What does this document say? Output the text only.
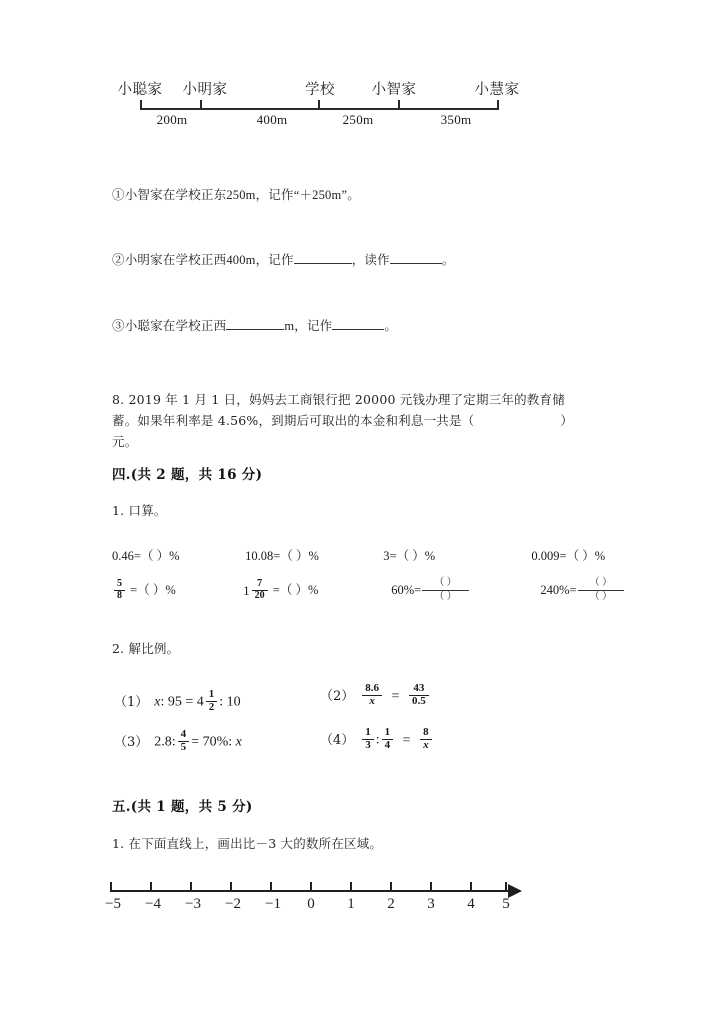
小聪家 小明家	学校	小智家	小慧家
200m	400m	250m	350m
①小智家在学校正东250m，记作“＋250m”。
②小明家在学校正西400m，记作	，读作	。
③小聪家在学校正西	m，记作	。
8. 2019 年 1 月 1 日，妈妈去工商银行把 20000 元钱办理了定期三年的教育储
蓄。如果年利率是 4.56%，到期后可取出的本金和利息一共是（	）
元。
四.(共 2 题，共 16 分)
1. 口算。
0.46=（ ）%	10.08=（ ）%	3=（ ）%	0.009=（ ）%
$\frac{5}{8}$ =（ ）%	$1 \frac{7}{20}$ =（ ）%	$60\%= \frac{( )}{( )}$	$240\%= \frac{( )}{( )}$
2. 解比例。
（1） x: $95 = 4 \frac{1}{2}$ : 10	$(2) \frac{8.6}{x} = \frac{43}{0.5}$
（3） 2.8: $\frac{4}{5} = 70\%$: x	$(4) \frac{1}{3}$ : $\frac{1}{4} = \frac{8}{x}$
五.(共 1 题，共 5 分)
1. 在下面直线上，画出比－3 大的数所在区域。
−5 −4 −3 −2 −1 0 1 2 3 4 5
